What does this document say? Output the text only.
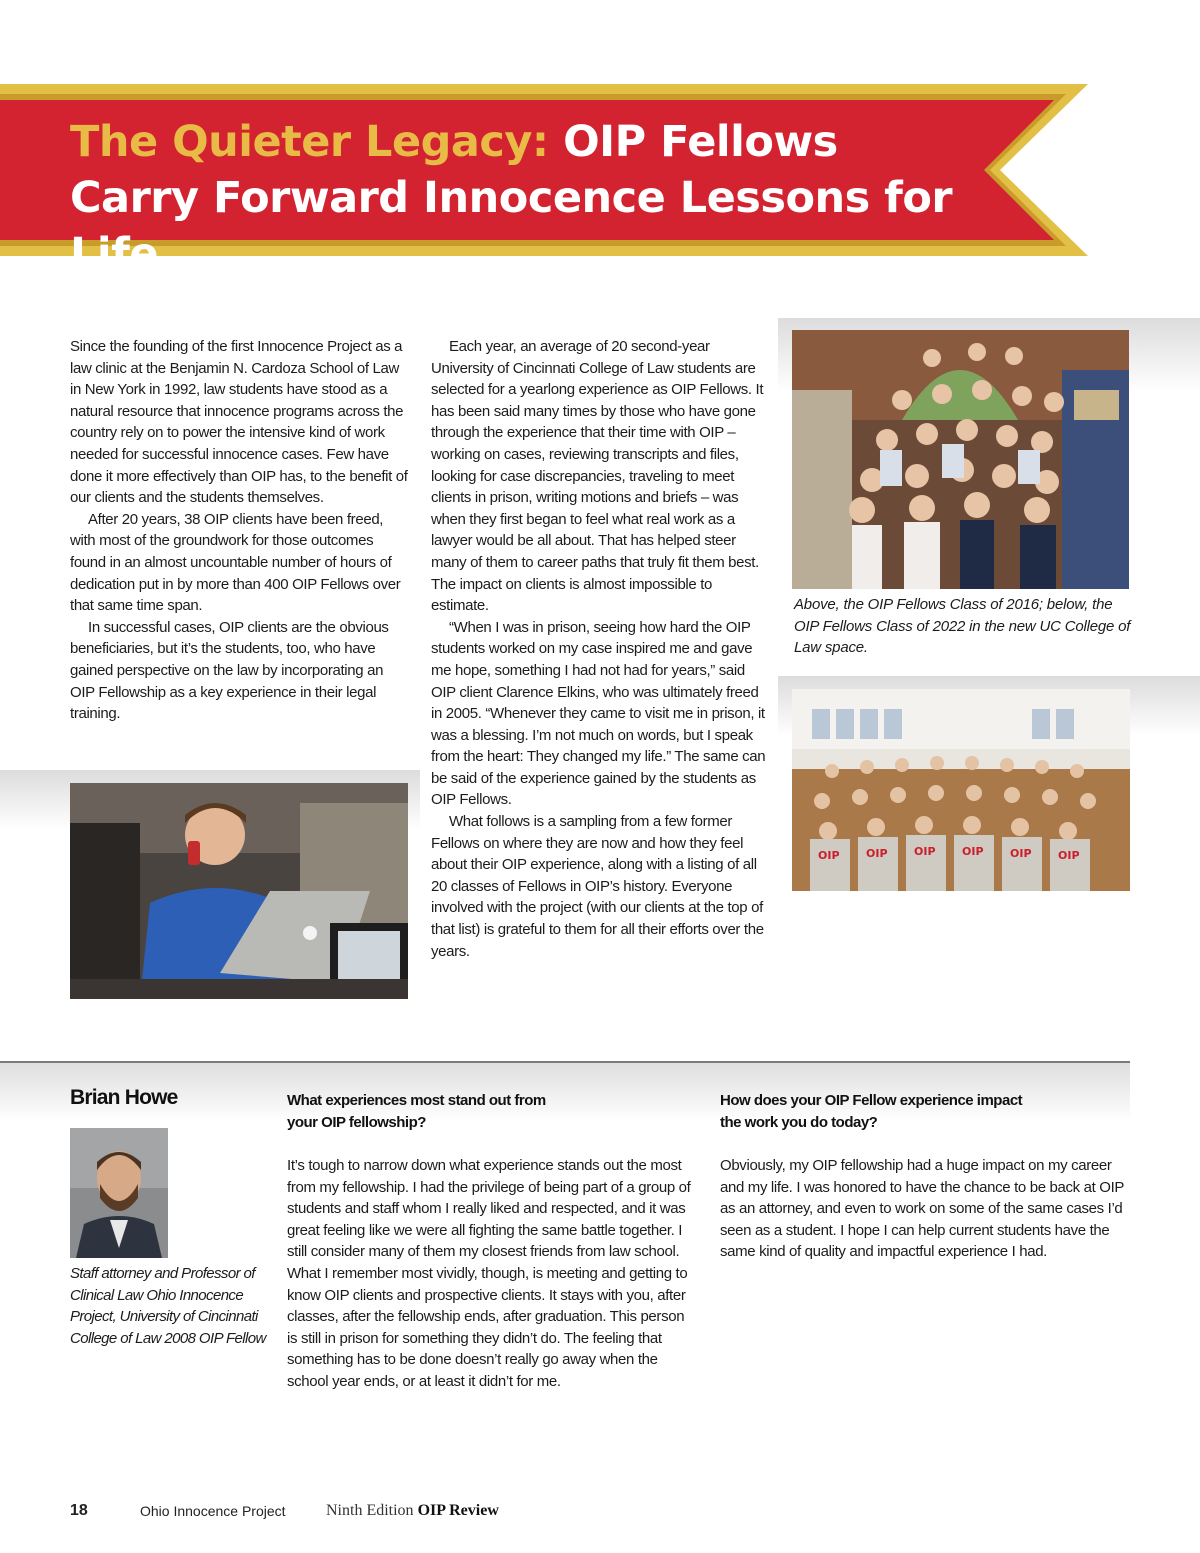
The Quieter Legacy: OIP Fellows Carry Forward Innocence Lessons for Life

Since the founding of the first Innocence Project as a law clinic at the Benjamin N. Cardoza School of Law in New York in 1992, law students have stood as a natural resource that innocence programs across the country rely on to power the intensive kind of work needed for successful innocence cases. Few have done it more effectively than OIP has, to the benefit of our clients and the students themselves.

After 20 years, 38 OIP clients have been freed, with most of the groundwork for those outcomes found in an almost uncountable number of hours of dedication put in by more than 400 OIP Fellows over that same time span.

In successful cases, OIP clients are the obvious beneficiaries, but it’s the students, too, who have gained perspective on the law by incorporating an OIP Fellowship as a key experience in their legal training.

Each year, an average of 20 second-year University of Cincinnati College of Law students are selected for a yearlong experience as OIP Fellows. It has been said many times by those who have gone through the experience that their time with OIP – working on cases, reviewing transcripts and files, looking for case discrepancies, traveling to meet clients in prison, writing motions and briefs – was when they first began to feel what real work as a lawyer would be all about. That has helped steer many of them to career paths that truly fit them best. The impact on clients is almost impossible to estimate.

“When I was in prison, seeing how hard the OIP students worked on my case inspired me and gave me hope, something I had not had for years,” said OIP client Clarence Elkins, who was ultimately freed in 2005. “Whenever they came to visit me in prison, it was a blessing. I’m not much on words, but I speak from the heart: They changed my life.” The same can be said of the experience gained by the students as OIP Fellows.

What follows is a sampling from a few former Fellows on where they are now and how they feel about their OIP experience, along with a listing of all 20 classes of Fellows in OIP’s history. Everyone involved with the project (with our clients at the top of that list) is grateful to them for all their efforts over the years.

Above, the OIP Fellows Class of 2016; below, the OIP Fellows Class of 2022 in the new UC College of Law space.

OIP OIP OIP OIP OIP OIP
Brian Howe

Staff attorney and Professor of Clinical Law Ohio Innocence Project, University of Cincinnati College of Law 2008 OIP Fellow

What experiences most stand out from your OIP fellowship?

It’s tough to narrow down what experience stands out the most from my fellowship. I had the privilege of being part of a group of students and staff whom I really liked and respected, and it was great feeling like we were all fighting the same battle together. I still consider many of them my closest friends from law school. What I remember most vividly, though, is meeting and getting to know OIP clients and prospective clients. It stays with you, after classes, after the fellowship ends, after graduation. This person is still in prison for something they didn’t do. The feeling that something has to be done doesn’t really go away when the school year ends, or at least it didn’t for me.

How does your OIP Fellow experience impact the work you do today?

Obviously, my OIP fellowship had a huge impact on my career and my life. I was honored to have the chance to be back at OIP as an attorney, and even to work on some of the same cases I’d seen as a student. I hope I can help current students have the same kind of quality and impactful experience I had.

18	Ohio Innocence Project	Ninth Edition OIP Review
